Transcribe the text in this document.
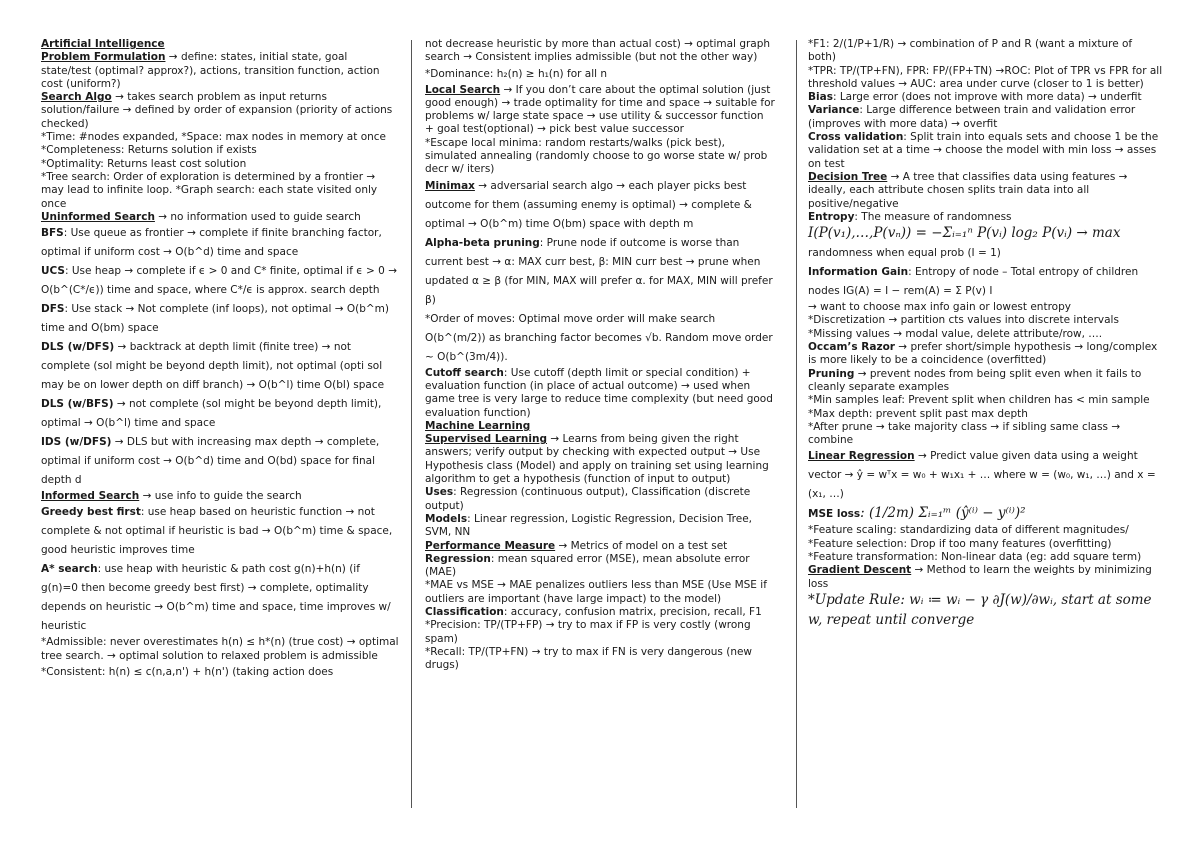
Artificial Intelligence

Problem Formulation → define: states, initial state, goal state/test (optimal? approx?), actions, transition function, action cost (uniform?)

Search Algo → takes search problem as input returns solution/failure → defined by order of expansion (priority of actions checked)

*Time: #nodes expanded, *Space: max nodes in memory at once

*Completeness: Returns solution if exists

*Optimality: Returns least cost solution

*Tree search: Order of exploration is determined by a frontier → may lead to infinite loop. *Graph search: each state visited only once

Uninformed Search → no information used to guide search

BFS: Use queue as frontier → complete if finite branching factor, optimal if uniform cost → O(b^d) time and space

UCS: Use heap → complete if ϵ > 0 and C* finite, optimal if ϵ > 0 → O(b^(C*/ϵ)) time and space, where C*/ϵ is approx. search depth

DFS: Use stack → Not complete (inf loops), not optimal → O(b^m) time and O(bm) space

DLS (w/DFS) → backtrack at depth limit (finite tree) → not complete (sol might be beyond depth limit), not optimal (opti sol may be on lower depth on diff branch) → O(b^l) time O(bl) space

DLS (w/BFS) → not complete (sol might be beyond depth limit), optimal → O(b^l) time and space

IDS (w/DFS) → DLS but with increasing max depth → complete, optimal if uniform cost → O(b^d) time and O(bd) space for final depth d

Informed Search → use info to guide the search

Greedy best first: use heap based on heuristic function → not complete & not optimal if heuristic is bad → O(b^m) time & space, good heuristic improves time

A* search: use heap with heuristic & path cost g(n)+h(n) (if g(n)=0 then become greedy best first) → complete, optimality depends on heuristic → O(b^m) time and space, time improves w/ heuristic

*Admissible: never overestimates h(n) ≤ h*(n) (true cost) → optimal tree search. → optimal solution to relaxed problem is admissible

*Consistent: h(n) ≤ c(n,a,n') + h(n') (taking action does

not decrease heuristic by more than actual cost) → optimal graph search → Consistent implies admissible (but not the other way)

*Dominance: h₂(n) ≥ h₁(n) for all n

Local Search → If you don’t care about the optimal solution (just good enough) → trade optimality for time and space → suitable for problems w/ large state space → use utility & successor function + goal test(optional) → pick best value successor

*Escape local minima: random restarts/walks (pick best), simulated annealing (randomly choose to go worse state w/ prob decr w/ iters)

Minimax → adversarial search algo → each player picks best outcome for them (assuming enemy is optimal) → complete & optimal → O(b^m) time O(bm) space with depth m

Alpha-beta pruning: Prune node if outcome is worse than current best → α: MAX curr best, β: MIN curr best → prune when updated α ≥ β (for MIN, MAX will prefer α. for MAX, MIN will prefer β)

*Order of moves: Optimal move order will make search O(b^(m/2)) as branching factor becomes √b. Random move order ~ O(b^(3m/4)).

Cutoff search: Use cutoff (depth limit or special condition) + evaluation function (in place of actual outcome) → used when game tree is very large to reduce time complexity (but need good evaluation function)

Machine Learning

Supervised Learning → Learns from being given the right answers; verify output by checking with expected output → Use Hypothesis class (Model) and apply on training set using learning algorithm to get a hypothesis (function of input to output)

Uses: Regression (continuous output), Classification (discrete output)

Models: Linear regression, Logistic Regression, Decision Tree, SVM, NN

Performance Measure → Metrics of model on a test set

Regression: mean squared error (MSE), mean absolute error (MAE)

*MAE vs MSE → MAE penalizes outliers less than MSE (Use MSE if outliers are important (have large impact) to the model)

Classification: accuracy, confusion matrix, precision, recall, F1

*Precision: TP/(TP+FP) → try to max if FP is very costly (wrong spam)

*Recall: TP/(TP+FN) → try to max if FN is very dangerous (new drugs)

*F1: 2/(1/P+1/R) → combination of P and R (want a mixture of both)

*TPR: TP/(TP+FN), FPR: FP/(FP+TN) →ROC: Plot of TPR vs FPR for all threshold values → AUC: area under curve (closer to 1 is better)

Bias: Large error (does not improve with more data) → underfit

Variance: Large difference between train and validation error (improves with more data) → overfit

Cross validation: Split train into equals sets and choose 1 be the validation set at a time → choose the model with min loss → asses on test

Decision Tree → A tree that classifies data using features → ideally, each attribute chosen splits train data into all positive/negative

Entropy: The measure of randomness

I(P(v₁),…,P(vₙ)) = −Σᵢ₌₁ⁿ P(vᵢ) log₂ P(vᵢ) → max

randomness when equal prob (I = 1)

Information Gain: Entropy of node – Total entropy of children nodes IG(A) = I − rem(A) = Σ P(v) I

→ want to choose max info gain or lowest entropy

*Discretization → partition cts values into discrete intervals

*Missing values → modal value, delete attribute/row, ….

Occam’s Razor → prefer short/simple hypothesis → long/complex is more likely to be a coincidence (overfitted)

Pruning → prevent nodes from being split even when it fails to cleanly separate examples

*Min samples leaf: Prevent split when children has < min sample

*Max depth: prevent split past max depth

*After prune → take majority class → if sibling same class → combine

Linear Regression → Predict value given data using a weight vector → ŷ = wᵀx = w₀ + w₁x₁ + … where w = (w₀, w₁, …) and x = (x₁, …)

MSE loss: (1/2m) Σᵢ₌₁ᵐ (ŷ⁽ⁱ⁾ − y⁽ⁱ⁾)²

*Feature scaling: standardizing data of different magnitudes/

*Feature selection: Drop if too many features (overfitting)

*Feature transformation: Non-linear data (eg: add square term)

Gradient Descent → Method to learn the weights by minimizing loss

*Update Rule: wᵢ ≔ wᵢ − γ ∂J(w)/∂wᵢ, start at some w, repeat until converge
